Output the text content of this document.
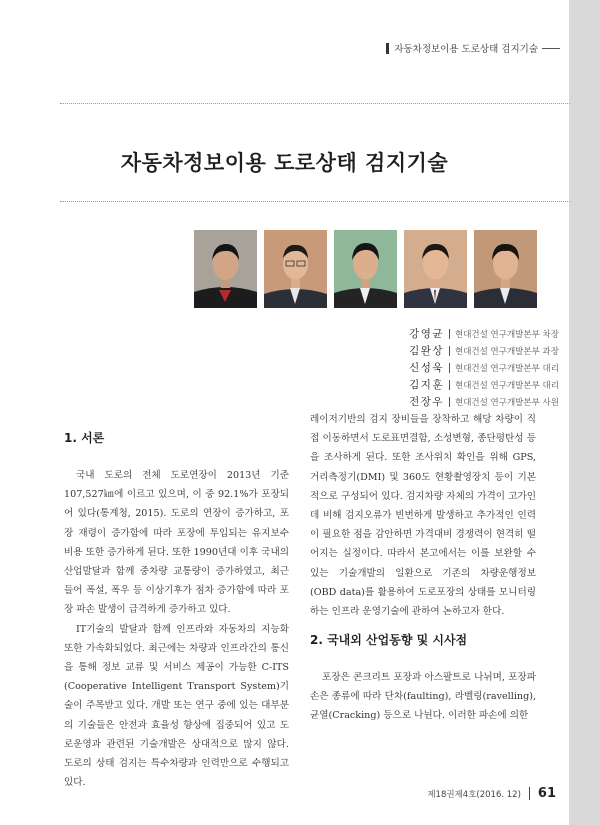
자동차정보이용 도로상태 검지기술
자동차정보이용 도로상태 검지기술
강영균 현대건설 연구개발본부 차장
김완상 현대건설 연구개발본부 과장
신성욱 현대건설 연구개발본부 대리
김지훈 현대건설 연구개발본부 대리
전장우 현대건설 연구개발본부 사원
1. 서론

국내 도로의 전체 도로연장이 2013년 기준 107,527㎞에 이르고 있으며, 이 중 92.1%가 포장되어 있다(통계청, 2015). 도로의 연장이 증가하고, 포장 재령이 증가함에 따라 포장에 투입되는 유지보수 비용 또한 증가하게 된다. 또한 1990년대 이후 국내의 산업발달과 함께 중차량 교통량이 증가하였고, 최근 들어 폭설, 폭우 등 이상기후가 점차 증가함에 따라 포장 파손 발생이 급격하게 증가하고 있다.

IT기술의 발달과 함께 인프라와 자동차의 지능화 또한 가속화되었다. 최근에는 차량과 인프라간의 통신을 통해 정보 교류 및 서비스 제공이 가능한 C-ITS (Cooperative Intelligent Transport System)기술이 주목받고 있다. 개발 또는 연구 중에 있는 대부분의 기술들은 안전과 효율성 향상에 집중되어 있고 도로운영과 관련된 기술개발은 상대적으로 많지 않다. 도로의 상태 검지는 특수차량과 인력만으로 수행되고 있다.

레이저기반의 검지 장비들을 장착하고 해당 차량이 직접 이동하면서 도로표면결함, 소성변형, 종단평탄성 등을 조사하게 된다. 또한 조사위치 확인을 위해 GPS, 거리측정기(DMI) 및 360도 현황촬영장치 등이 기본적으로 구성되어 있다. 검지차량 자체의 가격이 고가인데 비해 검지오류가 빈번하게 발생하고 추가적인 인력이 필요한 점을 감안하면 가격대비 경쟁력이 현격히 떨어지는 실정이다. 따라서 본고에서는 이를 보완할 수 있는 기술개발의 일환으로 기존의 차량운행정보 (OBD data)를 활용하여 도로포장의 상태를 모니터링하는 인프라 운영기술에 관하여 논하고자 한다.

2. 국내외 산업동향 및 시사점

포장은 콘크리트 포장과 아스팔트로 나뉘며, 포장파손은 종류에 따라 단차(faulting), 라벨링(ravelling), 균열(Cracking) 등으로 나뉜다. 이러한 파손에 의한

제18권제4호(2016. 12) 61
